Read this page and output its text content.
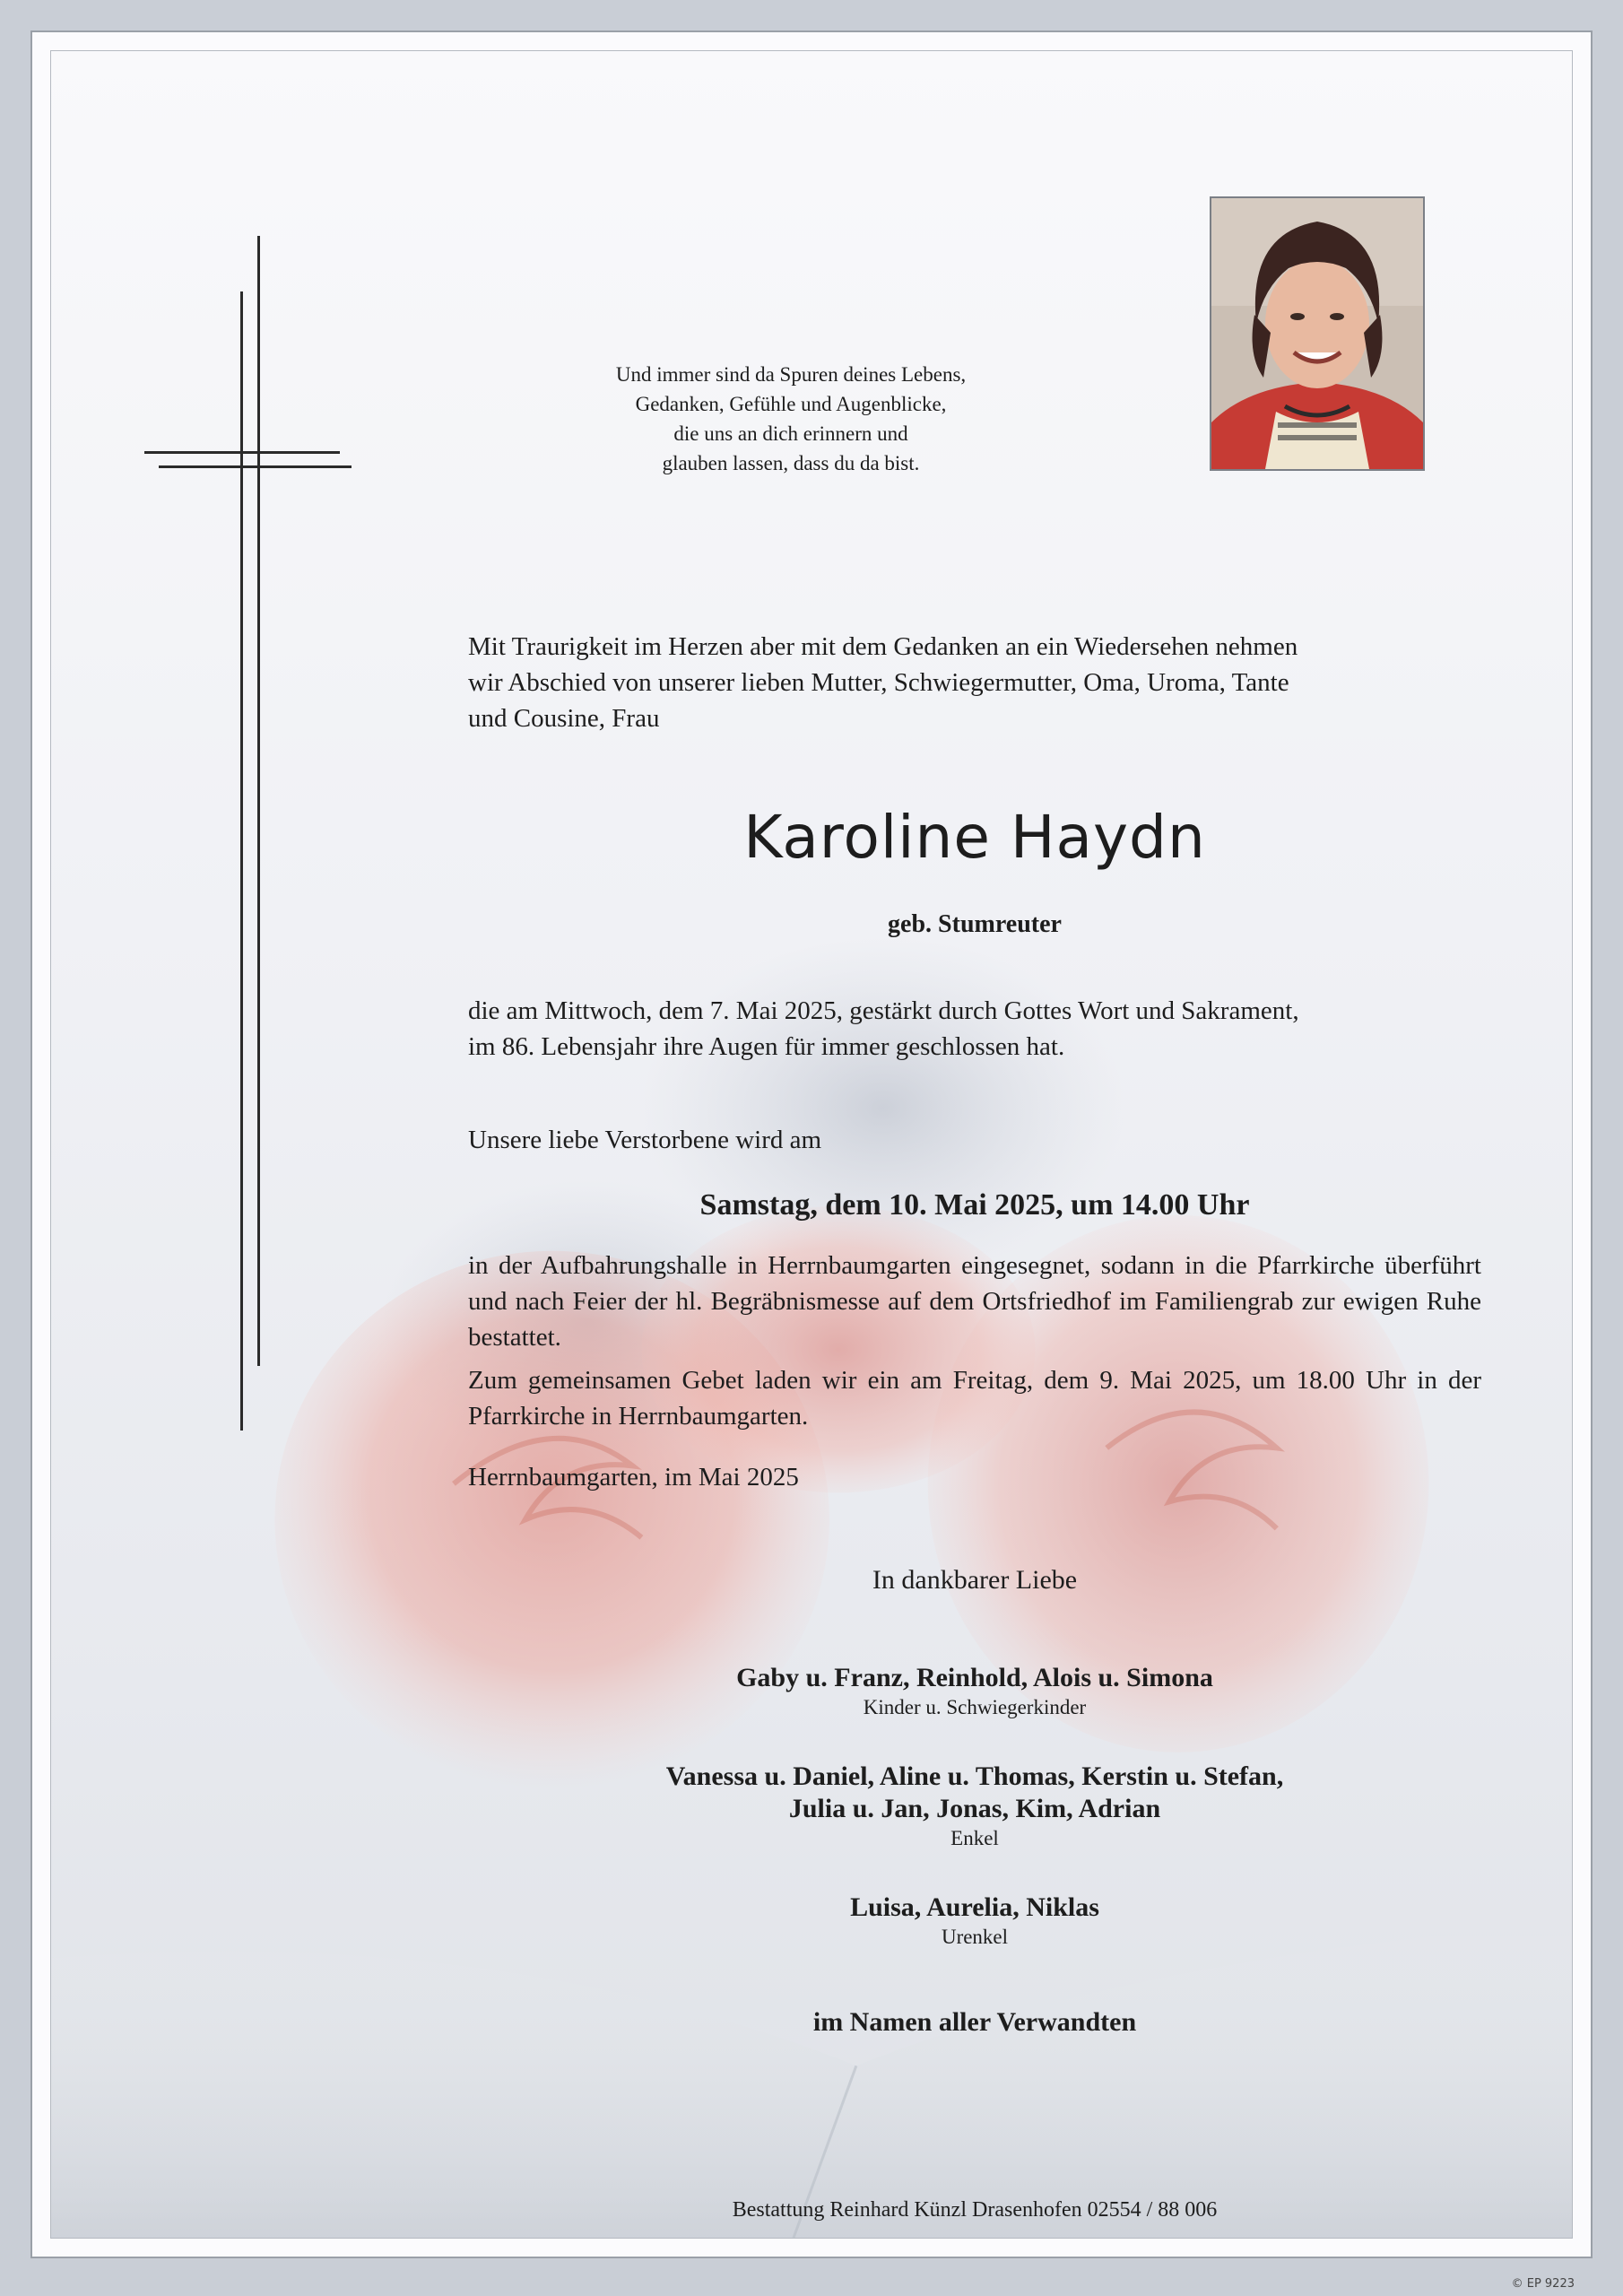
Und immer sind da Spuren deines Lebens,
Gedanken, Gefühle und Augenblicke,
die uns an dich erinnern und
glauben lassen, dass du da bist.
Mit Traurigkeit im Herzen aber mit dem Gedanken an ein Wiedersehen nehmen
wir Abschied von unserer lieben Mutter, Schwiegermutter, Oma, Uroma, Tante
und Cousine, Frau
Karoline Haydn
geb. Stumreuter
die am Mittwoch, dem 7. Mai 2025, gestärkt durch Gottes Wort und Sakrament,
im 86. Lebensjahr ihre Augen für immer geschlossen hat.
Unsere liebe Verstorbene wird am
Samstag, dem 10. Mai 2025, um 14.00 Uhr
in der Aufbahrungshalle in Herrnbaumgarten eingesegnet, sodann in die Pfarrkirche überführt und nach Feier der hl. Begräbnismesse auf dem Ortsfriedhof im Familiengrab zur ewigen Ruhe bestattet.
Zum gemeinsamen Gebet laden wir ein am Freitag, dem 9. Mai 2025, um 18.00 Uhr in der Pfarrkirche in Herrnbaumgarten.
Herrnbaumgarten, im Mai 2025
In dankbarer Liebe
Gaby u. Franz, Reinhold, Alois u. Simona
Kinder u. Schwiegerkinder
Vanessa u. Daniel, Aline u. Thomas, Kerstin u. Stefan,
Julia u. Jan, Jonas, Kim, Adrian
Enkel
Luisa, Aurelia, Niklas
Urenkel
im Namen aller Verwandten
Bestattung Reinhard Künzl Drasenhofen 02554 / 88 006
© EP 9223
